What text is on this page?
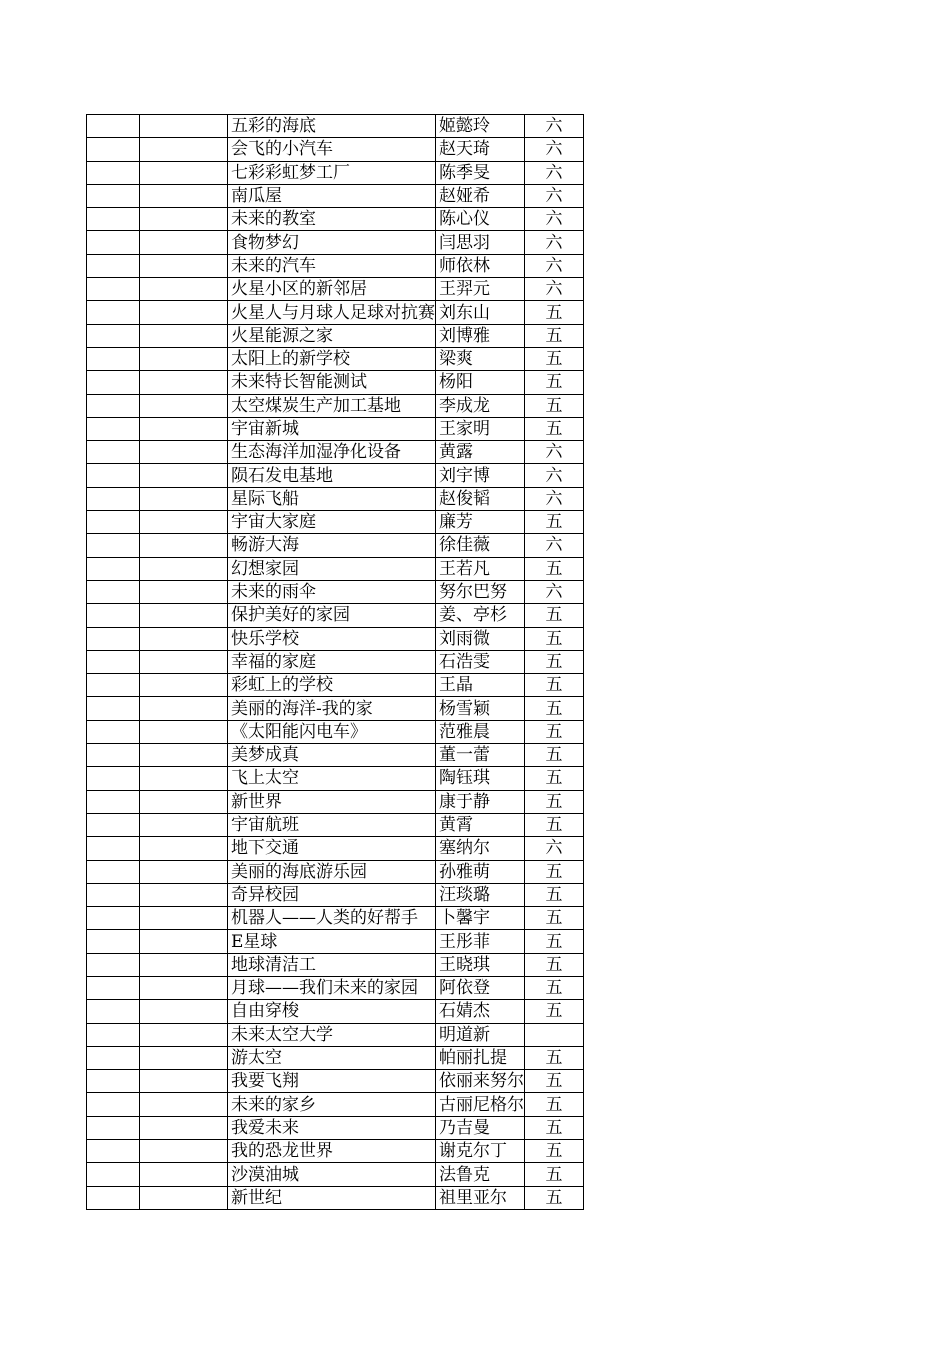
		五彩的海底	姬懿玲	六
		会飞的小汽车	赵天琦	六
		七彩彩虹梦工厂	陈季旻	六
		南瓜屋	赵娅希	六
		未来的教室	陈心仪	六
		食物梦幻	闫思羽	六
		未来的汽车	师依林	六
		火星小区的新邻居	王羿元	六
		火星人与月球人足球对抗赛	刘东山	五
		火星能源之家	刘博雅	五
		太阳上的新学校	梁爽	五
		未来特长智能测试	杨阳	五
		太空煤炭生产加工基地	李成龙	五
		宇宙新城	王家明	五
		生态海洋加湿净化设备	黄露	六
		陨石发电基地	刘宇博	六
		星际飞船	赵俊韬	六
		宇宙大家庭	廉芳	五
		畅游大海	徐佳薇	六
		幻想家园	王若凡	五
		未来的雨伞	努尔巴努	六
		保护美好的家园	姜、亭杉	五
		快乐学校	刘雨微	五
		幸福的家庭	石浩雯	五
		彩虹上的学校	王晶	五
		美丽的海洋-我的家	杨雪颖	五
		《太阳能闪电车》	范雅晨	五
		美梦成真	董一蕾	五
		飞上太空	陶钰琪	五
		新世界	康于静	五
		宇宙航班	黄霄	五
		地下交通	塞纳尔	六
		美丽的海底游乐园	孙雅萌	五
		奇异校园	汪琰璐	五
		机器人——人类的好帮手	卜馨宇	五
		E星球	王彤菲	五
		地球清洁工	王晓琪	五
		月球——我们未来的家园	阿依登	五
		自由穿梭	石婧杰	五
		未来太空大学	明道新	
		游太空	帕丽扎提	五
		我要飞翔	依丽来努尔	五
		未来的家乡	古丽尼格尔	五
		我爱未来	乃吉曼	五
		我的恐龙世界	谢克尔丁	五
		沙漠油城	法鲁克	五
		新世纪	祖里亚尔	五
